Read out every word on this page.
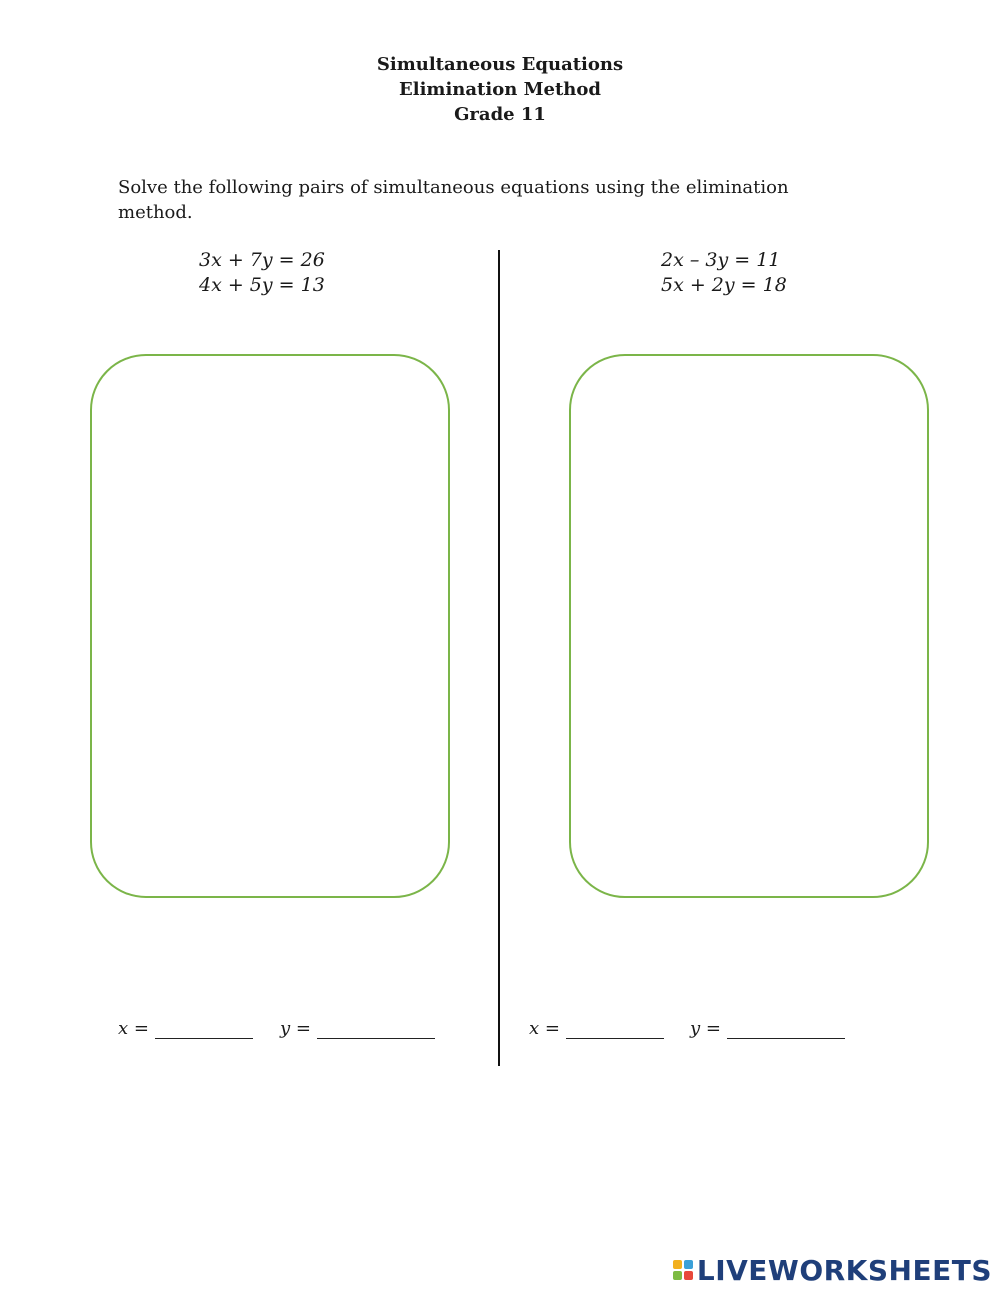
Simultaneous Equations
Elimination Method
Grade 11
Solve the following pairs of simultaneous equations using the elimination method.
3x + 7y = 26
4x + 5y = 13
2x – 3y = 11
5x + 2y = 18
x =	y =	x =	y =
LIVEWORKSHEETS
